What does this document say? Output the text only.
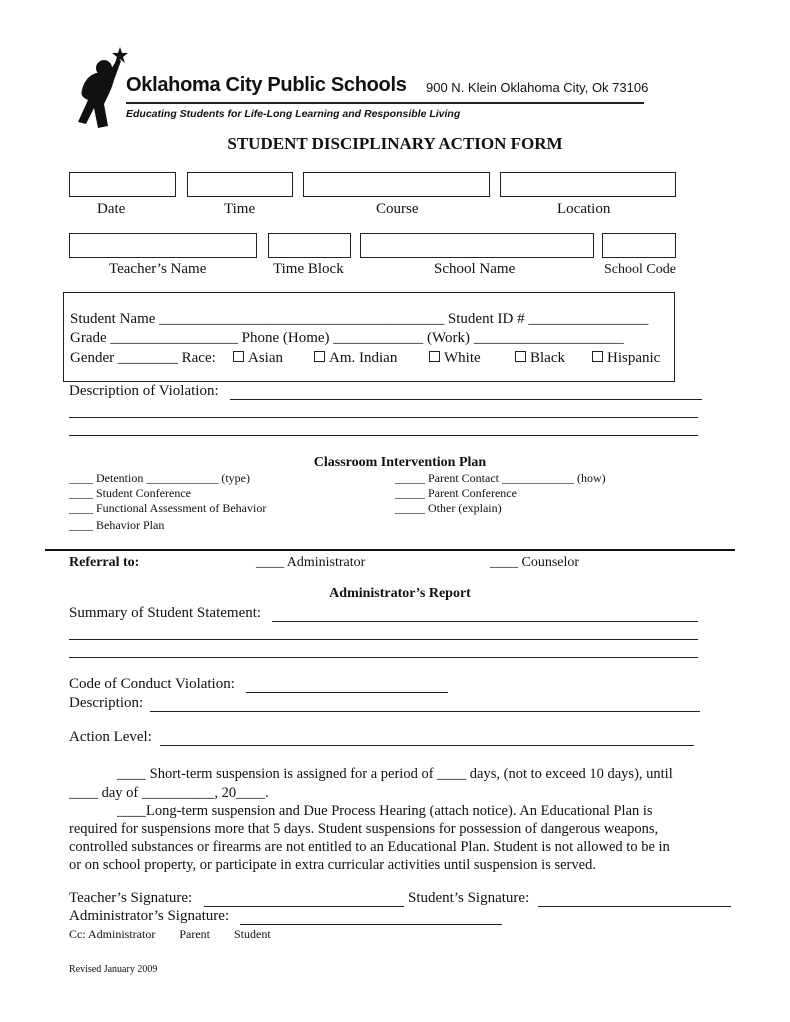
Oklahoma City Public Schools 900 N. Klein Oklahoma City, Ok 73106
Educating Students for Life-Long Learning and Responsible Living
STUDENT DISCIPLINARY ACTION FORM
Date	Time	Course	Location
Teacher’s Name	Time Block	School Name	School Code
Student Name ______________________________________ Student ID # ________________
Grade _________________ Phone (Home) ____________ (Work) ____________________
Gender ________ Race:	Asian	Am. Indian	White	Black	Hispanic
Description of Violation:
Classroom Intervention Plan
____ Detention ____________ (type)
____ Student Conference
____ Functional Assessment of Behavior
____ Behavior Plan
_____ Parent Contact ____________ (how)
_____ Parent Conference
_____ Other (explain)
Referral to:	____ Administrator	____ Counselor
Administrator’s Report
Summary of Student Statement:
Code of Conduct Violation:
Description:
Action Level:
____ Short-term suspension is assigned for a period of ____ days, (not to exceed 10 days), until
____ day of __________, 20____.
____Long-term suspension and Due Process Hearing (attach notice). An Educational Plan is
required for suspensions more that 5 days. Student suspensions for possession of dangerous weapons,
controlled substances or firearms are not entitled to an Educational Plan. Student is not allowed to be in
or on school property, or participate in extra curricular activities until suspension is served.
Teacher’s Signature:	Student’s Signature:
Administrator’s Signature:
Cc: Administrator        Parent        Student
Revised January 2009
